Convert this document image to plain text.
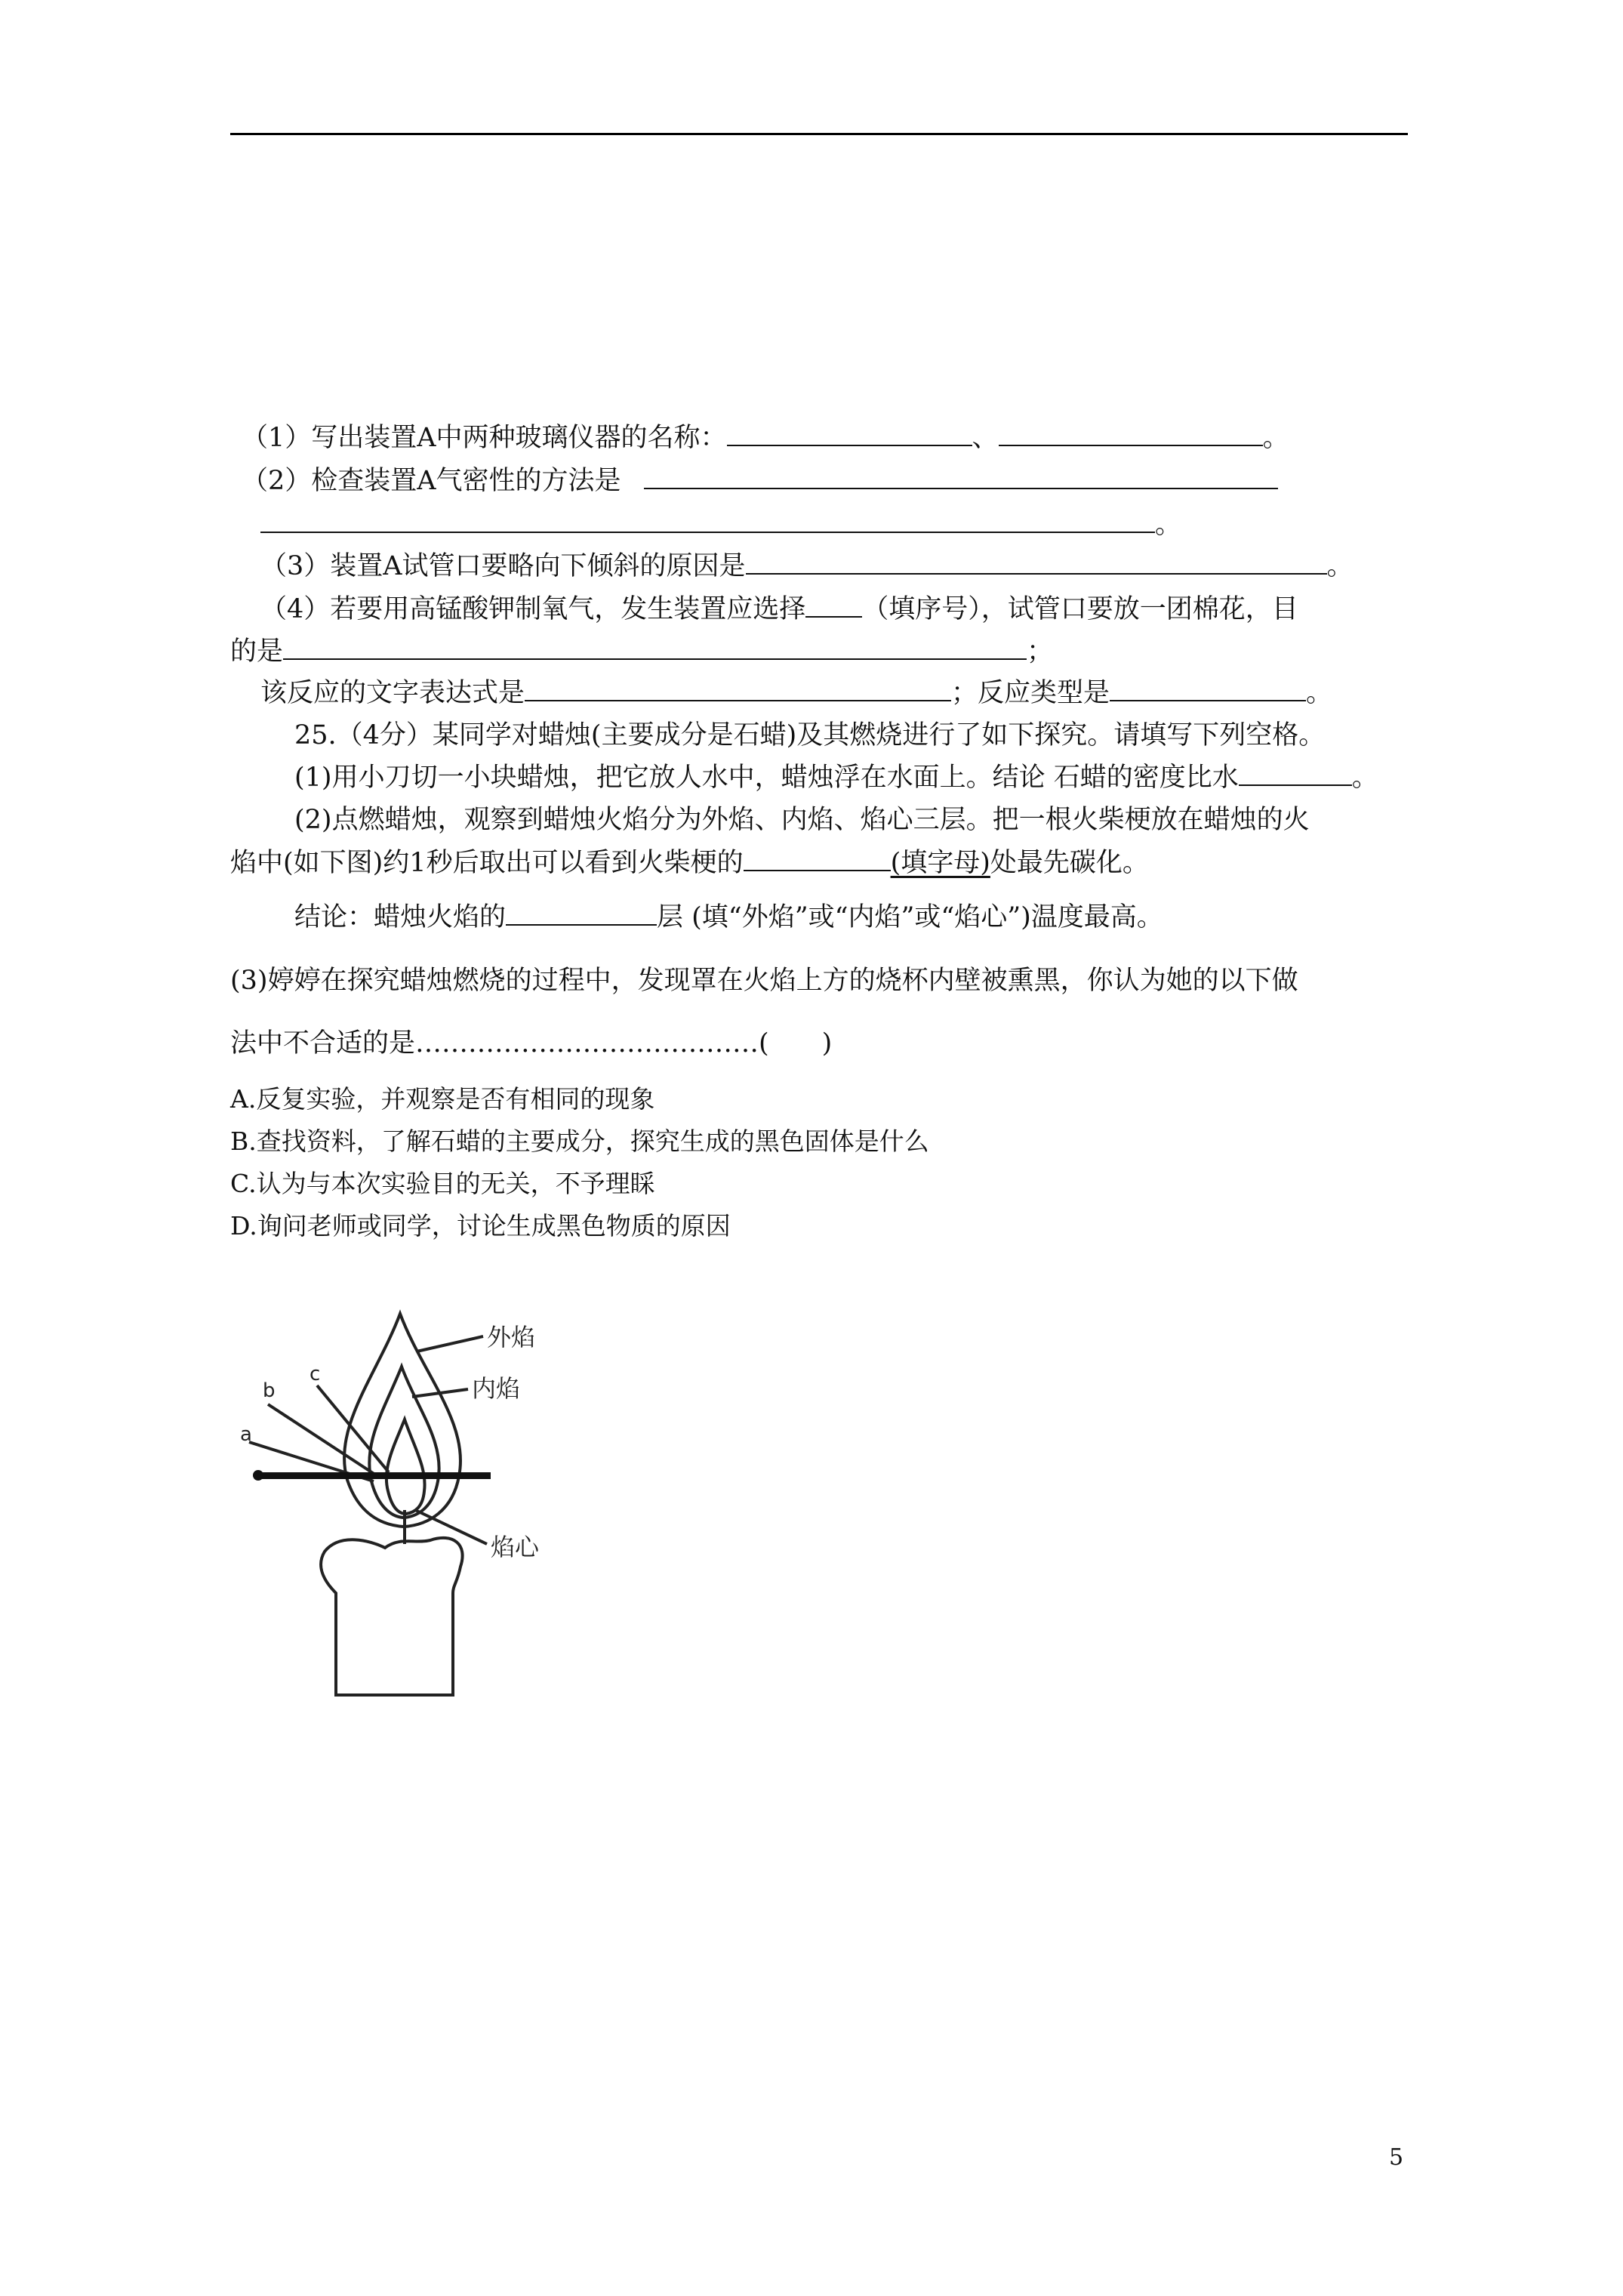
（1）写出装置A中两种玻璃仪器的名称：	、	。
（2）检查装置A气密性的方法是
。
（3）装置A试管口要略向下倾斜的原因是	。
（4）若要用高锰酸钾制氧气，发生装置应选择 （填序号），试管口要放一团棉花，目
的是	；
该反应的文字表达式是	；反应类型是	。
25.（4分）某同学对蜡烛(主要成分是石蜡)及其燃烧进行了如下探究。请填写下列空格。
(1)用小刀切一小块蜡烛，把它放人水中，蜡烛浮在水面上。结论 石蜡的密度比水	。
(2)点燃蜡烛，观察到蜡烛火焰分为外焰、内焰、焰心三层。把一根火柴梗放在蜡烛的火
焰中(如下图)约1秒后取出可以看到火柴梗的	(填字母)处最先碳化。
结论：蜡烛火焰的	层 (填“外焰”或“内焰”或“焰心”)温度最高。
(3)婷婷在探究蜡烛燃烧的过程中，发现罩在火焰上方的烧杯内壁被熏黑，你认为她的以下做
法中不合适的是…………………………………(　　)
A.反复实验，并观察是否有相同的现象
B.查找资料，了解石蜡的主要成分，探究生成的黑色固体是什么
C.认为与本次实验目的无关，不予理睬
D.询问老师或同学，讨论生成黑色物质的原因
外焰
内焰
焰心
a
b
c
5
